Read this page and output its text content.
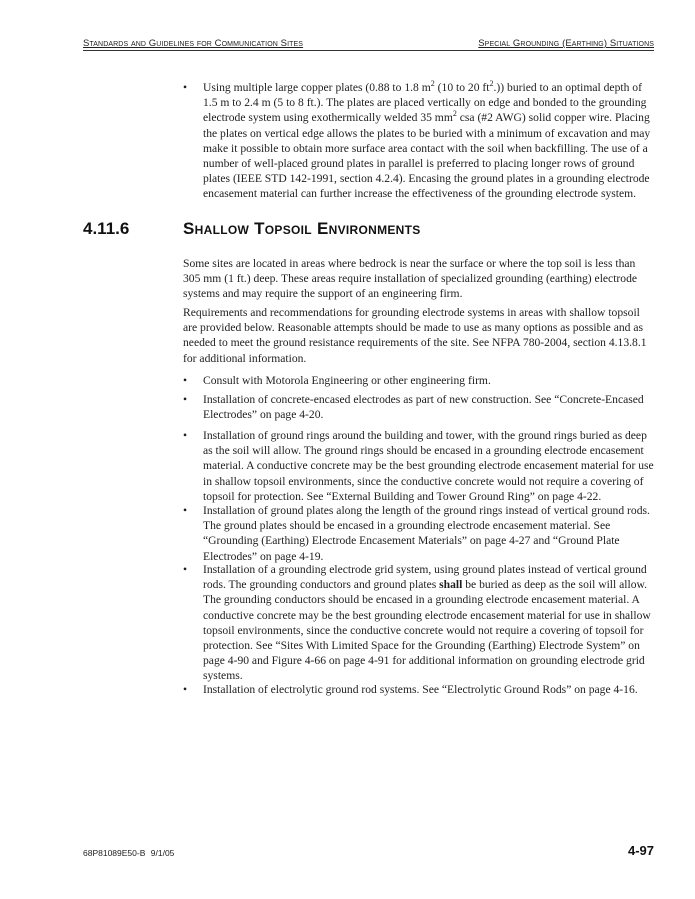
Standards and Guidelines for Communication Sites	Special Grounding (Earthing) Situations
• Using multiple large copper plates (0.88 to 1.8 $m^2$ (10 to 20 $ft^2$.)) buried to an optimal depth of 1.5 m to 2.4 m (5 to 8 ft.). The plates are placed vertically on edge and bonded to the grounding electrode system using exothermically welded 35 $mm^2$ csa (#2 AWG) solid copper wire. Placing the plates on vertical edge allows the plates to be buried with a minimum of excavation and may make it possible to obtain more surface area contact with the soil when backfilling. The use of a number of well-placed ground plates in parallel is preferred to placing longer rows of ground plates (IEEE STD 142-1991, section 4.2.4). Encasing the ground plates in a grounding electrode encasement material can further increase the effectiveness of the grounding electrode system.
4.11.6	Shallow Topsoil Environments
Some sites are located in areas where bedrock is near the surface or where the top soil is less than 305 mm (1 ft.) deep. These areas require installation of specialized grounding (earthing) electrode systems and may require the support of an engineering firm.
Requirements and recommendations for grounding electrode systems in areas with shallow topsoil are provided below. Reasonable attempts should be made to use as many options as possible and as needed to meet the ground resistance requirements of the site. See NFPA 780-2004, section 4.13.8.1 for additional information.
• Consult with Motorola Engineering or other engineering firm.
• Installation of concrete-encased electrodes as part of new construction. See “Concrete-Encased Electrodes” on page 4-20.
• Installation of ground rings around the building and tower, with the ground rings buried as deep as the soil will allow. The ground rings should be encased in a grounding electrode encasement material. A conductive concrete may be the best grounding electrode encasement material for use in shallow topsoil environments, since the conductive concrete would not require a covering of topsoil for protection. See “External Building and Tower Ground Ring” on page 4-22.
• Installation of ground plates along the length of the ground rings instead of vertical ground rods. The ground plates should be encased in a grounding electrode encasement material. See “Grounding (Earthing) Electrode Encasement Materials” on page 4-27 and “Ground Plate Electrodes” on page 4-19.
• Installation of a grounding electrode grid system, using ground plates instead of vertical ground rods. The grounding conductors and ground plates shall be buried as deep as the soil will allow. The grounding conductors should be encased in a grounding electrode encasement material. A conductive concrete may be the best grounding electrode encasement material for use in shallow topsoil environments, since the conductive concrete would not require a covering of topsoil for protection. See “Sites With Limited Space for the Grounding (Earthing) Electrode System” on page 4-90 and Figure 4-66 on page 4-91 for additional information on grounding electrode grid systems.
• Installation of electrolytic ground rod systems. See “Electrolytic Ground Rods” on page 4-16.
68P81089E50-B 9/1/05	4-97
